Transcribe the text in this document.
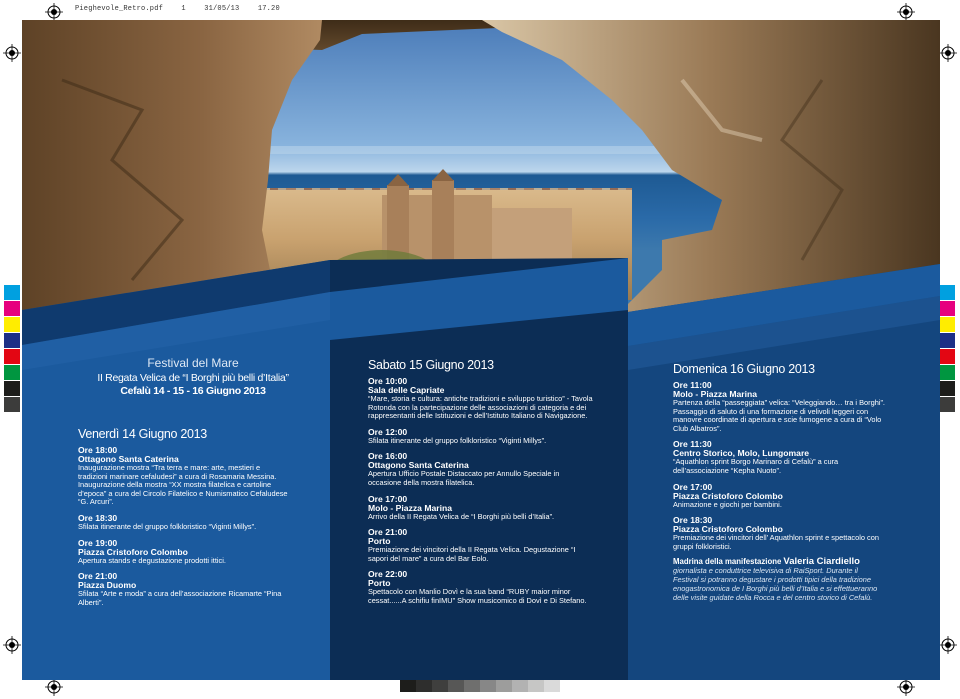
Pieghevole_Retro.pdf	1	31/05/13	17.20
Festival del Mare
II Regata Velica de “I Borghi più belli d’Italia”
Cefalù 14 - 15 - 16 Giugno 2013
Venerdì 14 Giugno 2013
Ore 18:00
Ottagono Santa Caterina
Inaugurazione mostra “Tra terra e mare: arte, mestieri e tradizioni marinare cefaludesi” a cura di Rosamaria Messina. Inaugurazione della mostra “XX mostra filatelica e cartoline d’epoca” a cura del Circolo Filatelico e Numismatico Cefaludese “G. Arcuri”.
Ore 18:30
Sfilata itinerante del gruppo folkloristico “Viginti Millys”.
Ore 19:00
Piazza Cristoforo Colombo
Apertura stands e degustazione prodotti ittici.
Ore 21:00
Piazza Duomo
Sfilata “Arte e moda” a cura dell’associazione Ricamarte “Pina Alberti”.
Sabato 15 Giugno 2013
Ore 10:00
Sala delle Capriate
“Mare, storia e cultura: antiche tradizioni e sviluppo turistico” - Tavola Rotonda con la partecipazione delle associazioni di categoria e dei rappresentanti delle Istituzioni e dell’Istituto Italiano di Navigazione.
Ore 12:00
Sfilata itinerante del gruppo folkloristico “Viginti Millys”.
Ore 16:00
Ottagono Santa Caterina
Apertura Ufficio Postale Distaccato per Annullo Speciale in occasione della mostra filatelica.
Ore 17:00
Molo - Piazza Marina
Arrivo della II Regata Velica de “I Borghi più belli d’Italia”.
Ore 21:00
Porto
Premiazione dei vincitori della II Regata Velica. Degustazione “I sapori del mare” a cura del Bar Eolo.
Ore 22:00
Porto
Spettacolo con Manlio Dovì e la sua band “RUBY maior minor cessat......A schifiu finIMU” Show musicomico di Dovì e Di Stefano.
Domenica 16 Giugno 2013
Ore 11:00
Molo - Piazza Marina
Partenza della “passeggiata” velica: “Veleggiando… tra i Borghi”. Passaggio di saluto di una formazione di velivoli leggeri con manovre coordinate di apertura e scie fumogene a cura di “Volo Club Albatros”.
Ore 11:30
Centro Storico, Molo, Lungomare
“Aquathlon sprint Borgo Marinaro di Cefalù” a cura dell’associazione “Kepha Nuoto”.
Ore 17:00
Piazza Cristoforo Colombo
Animazione e giochi per bambini.
Ore 18:30
Piazza Cristoforo Colombo
Premiazione dei vincitori dell’ Aquathlon sprint e spettacolo con gruppi folkloristici.
Madrina della manifestazione Valeria Ciardiello
giornalista e conduttrice televisiva di RaiSport. Durante il Festival si potranno degustare i prodotti tipici della tradizione enogastronomica de I Borghi più belli d’Italia e si effettueranno delle visite guidate della Rocca e del centro storico di Cefalù.
